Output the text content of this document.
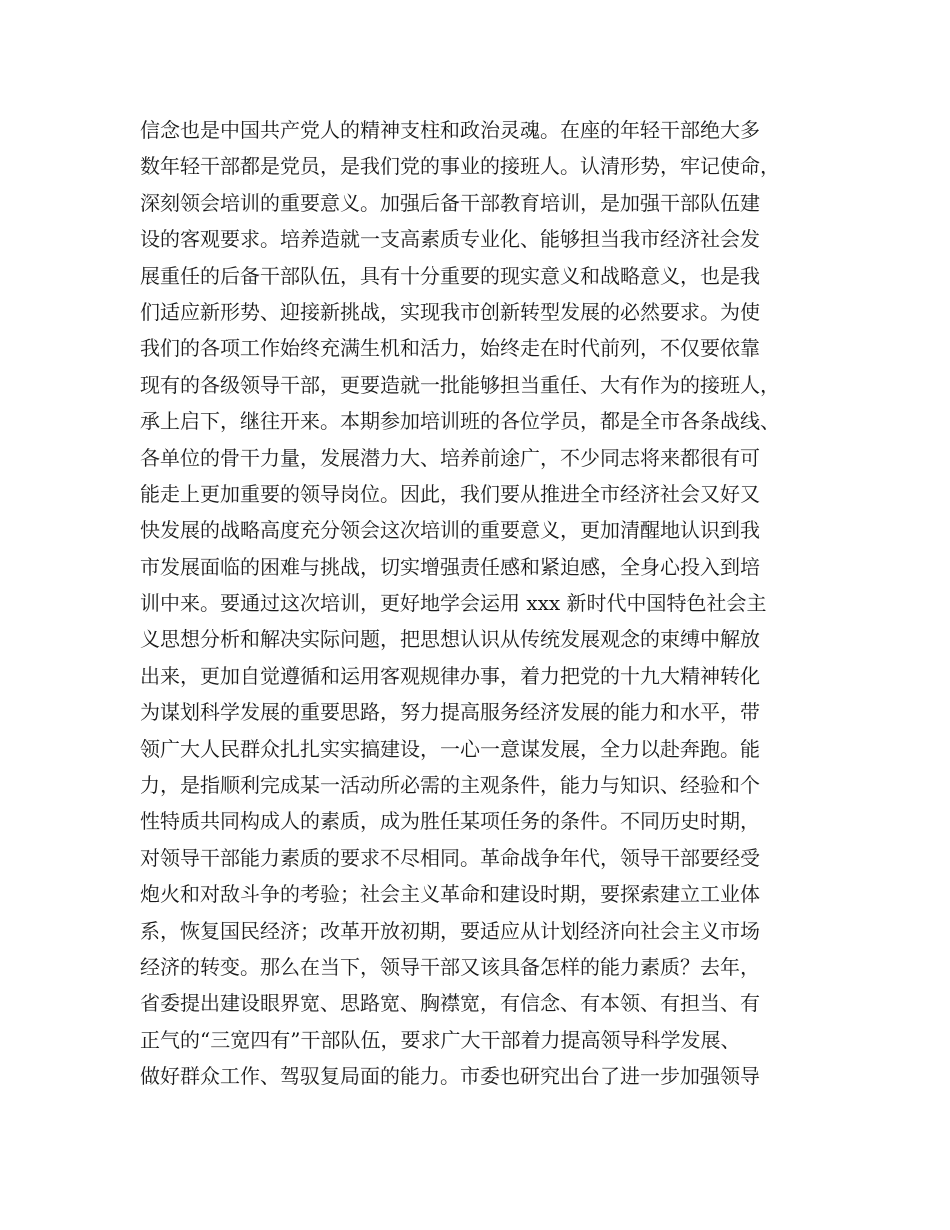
信念也是中国共产党人的精神支柱和政治灵魂。在座的年轻干部绝大多
数年轻干部都是党员，是我们党的事业的接班人。认清形势，牢记使命，
深刻领会培训的重要意义。加强后备干部教育培训，是加强干部队伍建
设的客观要求。培养造就一支高素质专业化、能够担当我市经济社会发
展重任的后备干部队伍，具有十分重要的现实意义和战略意义，也是我
们适应新形势、迎接新挑战，实现我市创新转型发展的必然要求。为使
我们的各项工作始终充满生机和活力，始终走在时代前列，不仅要依靠
现有的各级领导干部，更要造就一批能够担当重任、大有作为的接班人，
承上启下，继往开来。本期参加培训班的各位学员，都是全市各条战线、
各单位的骨干力量，发展潜力大、培养前途广，不少同志将来都很有可
能走上更加重要的领导岗位。因此，我们要从推进全市经济社会又好又
快发展的战略高度充分领会这次培训的重要意义，更加清醒地认识到我
市发展面临的困难与挑战，切实增强责任感和紧迫感，全身心投入到培
训中来。要通过这次培训，更好地学会运用 xxx 新时代中国特色社会主
义思想分析和解决实际问题，把思想认识从传统发展观念的束缚中解放
出来，更加自觉遵循和运用客观规律办事，着力把党的十九大精神转化
为谋划科学发展的重要思路，努力提高服务经济发展的能力和水平，带
领广大人民群众扎扎实实搞建设，一心一意谋发展，全力以赴奔跑。能
力，是指顺利完成某一活动所必需的主观条件，能力与知识、经验和个
性特质共同构成人的素质，成为胜任某项任务的条件。不同历史时期，
对领导干部能力素质的要求不尽相同。革命战争年代，领导干部要经受
炮火和对敌斗争的考验；社会主义革命和建设时期，要探索建立工业体
系，恢复国民经济；改革开放初期，要适应从计划经济向社会主义市场
经济的转变。那么在当下，领导干部又该具备怎样的能力素质？去年，
省委提出建设眼界宽、思路宽、胸襟宽，有信念、有本领、有担当、有
正气的“三宽四有”干部队伍，要求广大干部着力提高领导科学发展、
做好群众工作、驾驭复局面的能力。市委也研究出台了进一步加强领导
